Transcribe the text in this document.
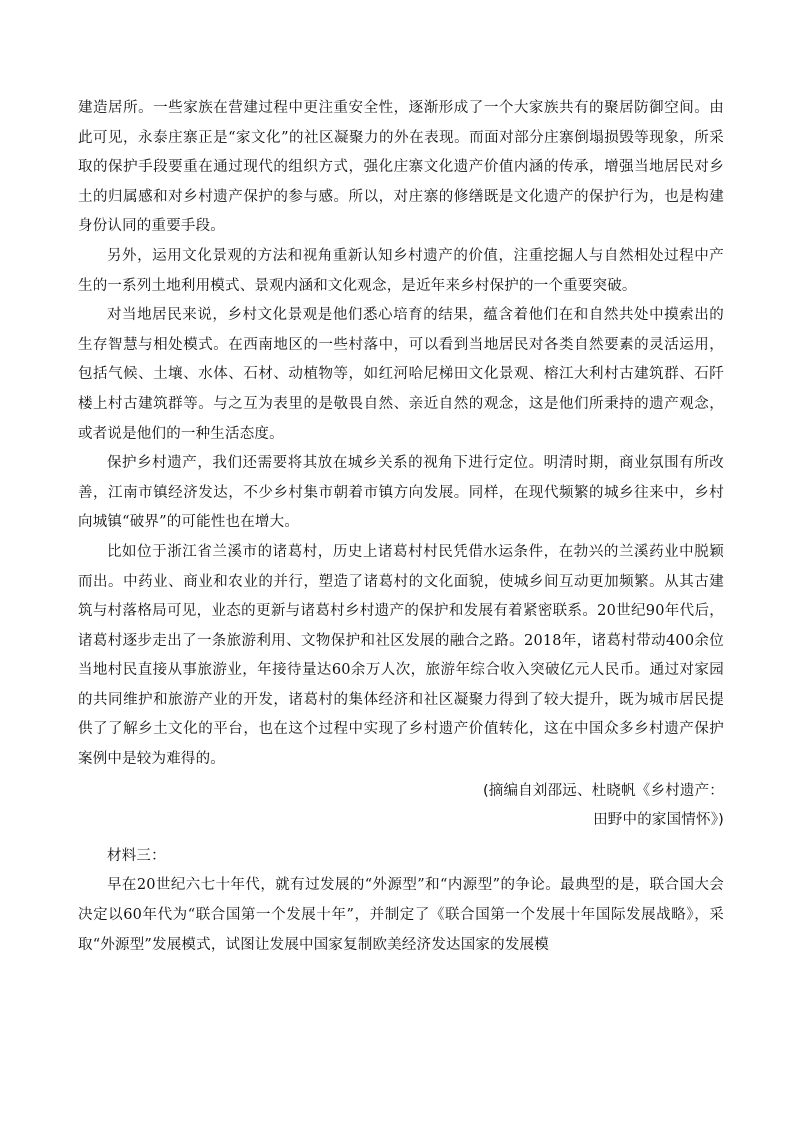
建造居所。一些家族在营建过程中更注重安全性，逐渐形成了一个大家族共有的聚居防御空间。由此可见，永泰庄寨正是“家文化”的社区凝聚力的外在表现。而面对部分庄寨倒塌损毁等现象，所采取的保护手段要重在通过现代的组织方式，强化庄寨文化遗产价值内涵的传承，增强当地居民对乡土的归属感和对乡村遗产保护的参与感。所以，对庄寨的修缮既是文化遗产的保护行为，也是构建身份认同的重要手段。

另外，运用文化景观的方法和视角重新认知乡村遗产的价值，注重挖掘人与自然相处过程中产生的一系列土地利用模式、景观内涵和文化观念，是近年来乡村保护的一个重要突破。

对当地居民来说，乡村文化景观是他们悉心培育的结果，蕴含着他们在和自然共处中摸索出的生存智慧与相处模式。在西南地区的一些村落中，可以看到当地居民对各类自然要素的灵活运用，包括气候、土壤、水体、石材、动植物等，如红河哈尼梯田文化景观、榕江大利村古建筑群、石阡楼上村古建筑群等。与之互为表里的是敬畏自然、亲近自然的观念，这是他们所秉持的遗产观念，或者说是他们的一种生活态度。

保护乡村遗产，我们还需要将其放在城乡关系的视角下进行定位。明清时期，商业氛围有所改善，江南市镇经济发达，不少乡村集市朝着市镇方向发展。同样，在现代频繁的城乡往来中，乡村向城镇“破界”的可能性也在增大。

比如位于浙江省兰溪市的诸葛村，历史上诸葛村村民凭借水运条件，在勃兴的兰溪药业中脱颖而出。中药业、商业和农业的并行，塑造了诸葛村的文化面貌，使城乡间互动更加频繁。从其古建筑与村落格局可见，业态的更新与诸葛村乡村遗产的保护和发展有着紧密联系。20世纪90年代后，诸葛村逐步走出了一条旅游利用、文物保护和社区发展的融合之路。2018年，诸葛村带动400余位当地村民直接从事旅游业，年接待量达60余万人次，旅游年综合收入突破亿元人民币。通过对家园的共同维护和旅游产业的开发，诸葛村的集体经济和社区凝聚力得到了较大提升，既为城市居民提供了了解乡土文化的平台，也在这个过程中实现了乡村遗产价值转化，这在中国众多乡村遗产保护案例中是较为难得的。

(摘编自刘邵远、杜晓帆《乡村遗产：
田野中的家国情怀》)

材料三：

早在20世纪六七十年代，就有过发展的“外源型”和“内源型”的争论。最典型的是，联合国大会决定以60年代为“联合国第一个发展十年”，并制定了《联合国第一个发展十年国际发展战略》，采取“外源型”发展模式，试图让发展中国家复制欧美经济发达国家的发展模
